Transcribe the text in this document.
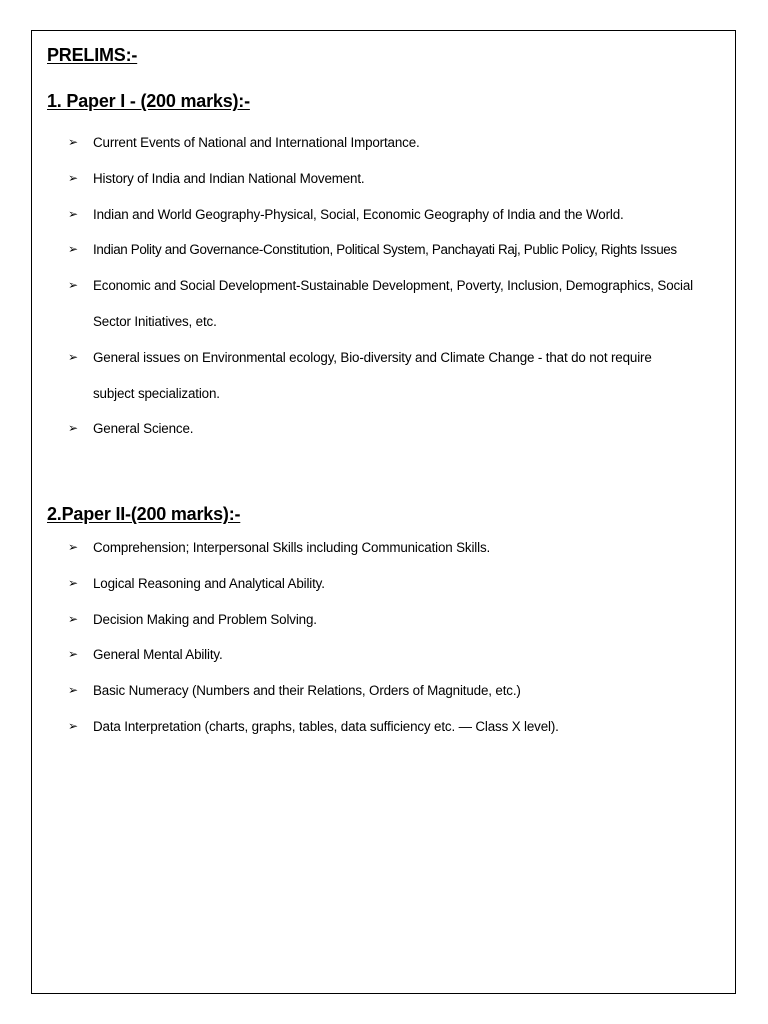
PRELIMS:-
1. Paper I - (200 marks):-
➢ Current Events of National and International Importance.
➢ History of India and Indian National Movement.
➢ Indian and World Geography-Physical, Social, Economic Geography of India and the World.
➢ Indian Polity and Governance-Constitution, Political System, Panchayati Raj, Public Policy, Rights Issues
➢ Economic and Social Development-Sustainable Development, Poverty, Inclusion, Demographics, Social Sector Initiatives, etc.
➢ General issues on Environmental ecology, Bio-diversity and Climate Change - that do not require subject specialization.
➢ General Science.
2.Paper II-(200 marks):-
➢ Comprehension; Interpersonal Skills including Communication Skills.
➢ Logical Reasoning and Analytical Ability.
➢ Decision Making and Problem Solving.
➢ General Mental Ability.
➢ Basic Numeracy (Numbers and their Relations, Orders of Magnitude, etc.)
➢ Data Interpretation (charts, graphs, tables, data sufficiency etc. — Class X level).
